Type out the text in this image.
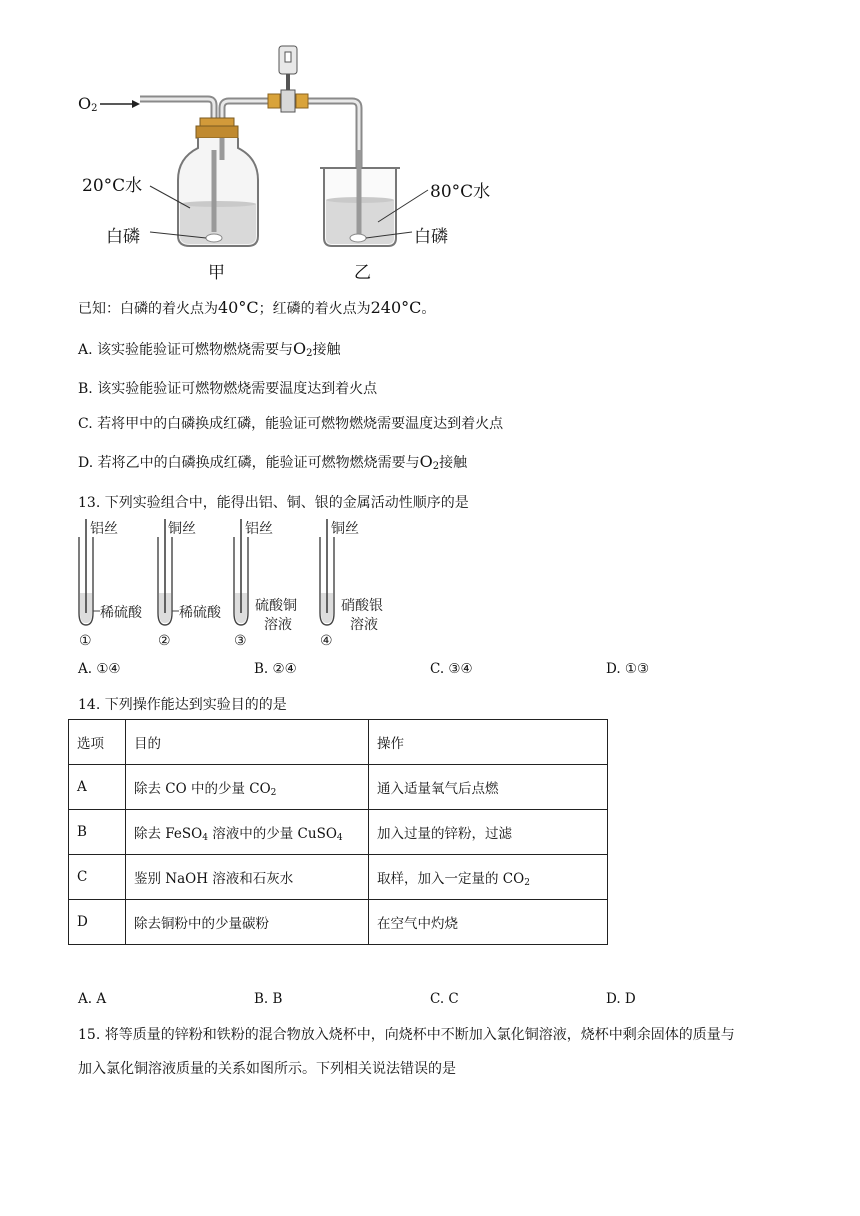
$O_2$
20°C水	80°C水
白磷	白磷
甲	乙
已知：白磷的着火点为40°C；红磷的着火点为240°C。
A. 该实验能验证可燃物燃烧需要与$O_2$接触
B. 该实验能验证可燃物燃烧需要温度达到着火点
C. 若将甲中的白磷换成红磷，能验证可燃物燃烧需要温度达到着火点
D. 若将乙中的白磷换成红磷，能验证可燃物燃烧需要与$O_2$接触
13. 下列实验组合中，能得出铝、铜、银的金属活动性顺序的是
铝丝	铜丝	铝丝	铜丝
稀硫酸	稀硫酸 硫酸铜
溶液
硝酸银
溶液
①	②	③	④
A. ①④	B. ②④	C. ③④	D. ①③
14. 下列操作能达到实验目的的是
选项	目的	操作
A	除去 CO 中的少量 $CO_2$	通入适量氧气后点燃
B	除去 FeSO$_4$ 溶液中的少量 CuSO$_4$	加入过量的锌粉，过滤
C	鉴别 NaOH 溶液和石灰水	取样，加入一定量的 $CO_2$
D	除去铜粉中的少量碳粉	在空气中灼烧
A. A	B. B	C. C	D. D
15. 将等质量的锌粉和铁粉的混合物放入烧杯中，向烧杯中不断加入氯化铜溶液，烧杯中剩余固体的质量与
加入氯化铜溶液质量的关系如图所示。下列相关说法错误的是
